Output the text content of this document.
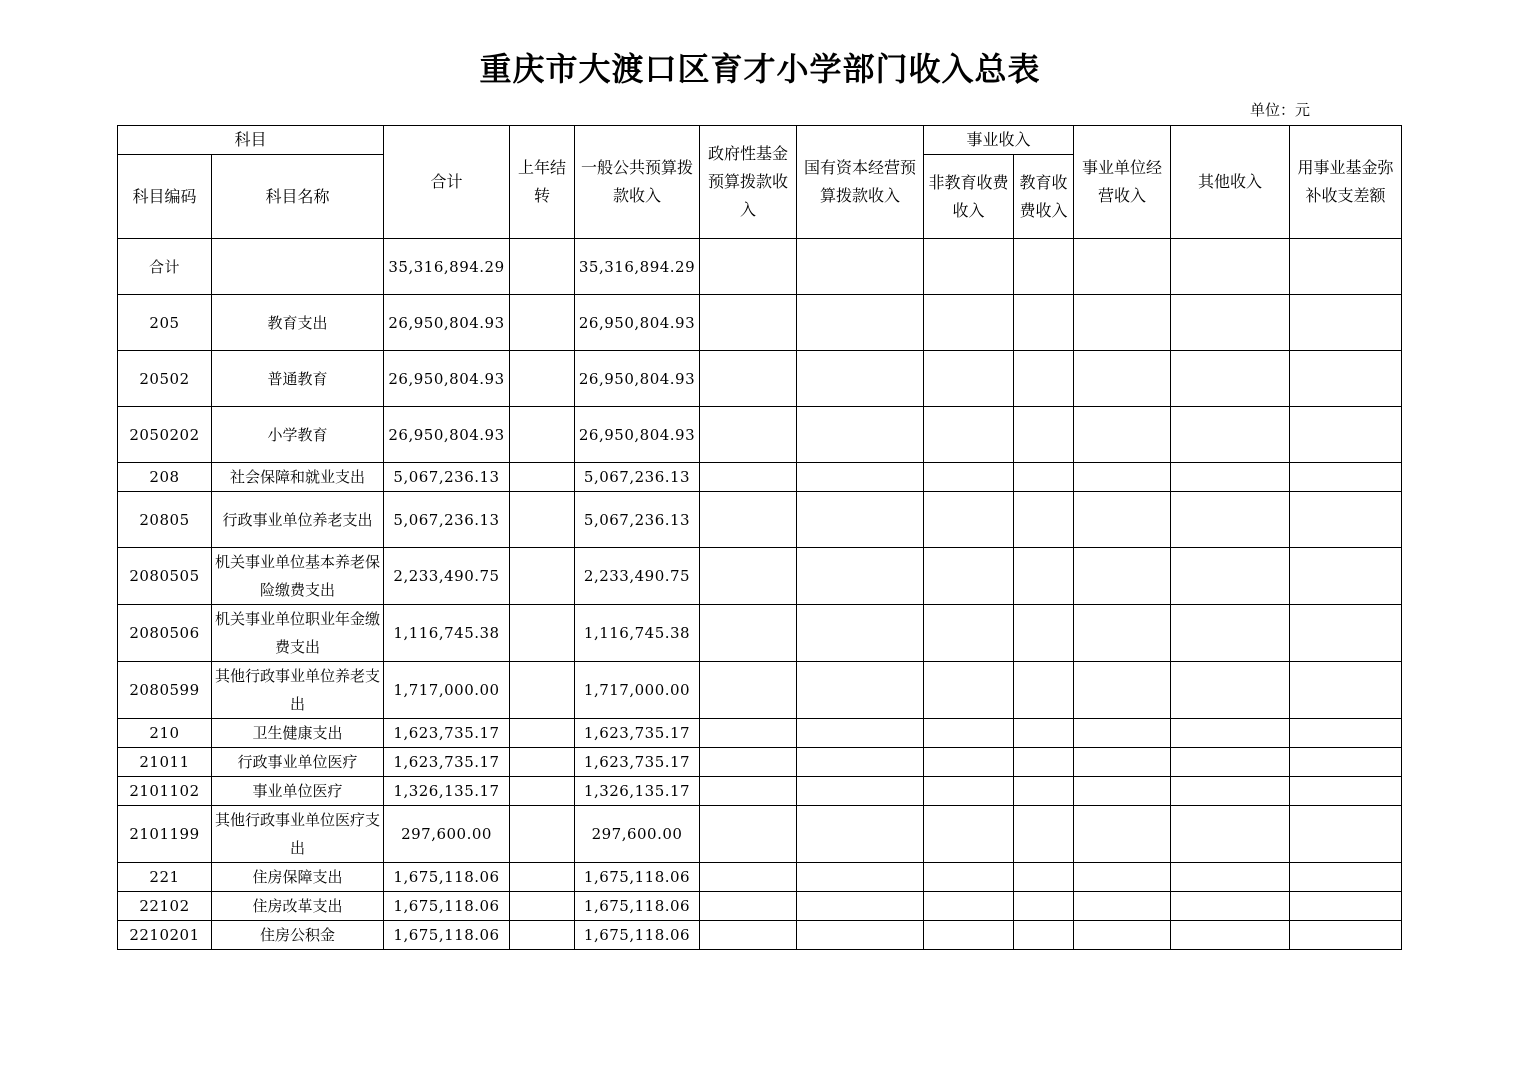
重庆市大渡口区育才小学部门收入总表
单位：元
科目		合计	上年结转	一般公共预算拨款收入	政府性基金预算拨款收入	国有资本经营预算拨款收入	事业收入		事业单位经营收入	其他收入	用事业基金弥补收支差额
科目编码	科目名称						非教育收费收入	教育收费收入			
合计		35,316,894.29		35,316,894.29							
205	教育支出	26,950,804.93		26,950,804.93							
20502	普通教育	26,950,804.93		26,950,804.93							
2050202	小学教育	26,950,804.93		26,950,804.93							
208	社会保障和就业支出	5,067,236.13		5,067,236.13							
20805	行政事业单位养老支出	5,067,236.13		5,067,236.13							
2080505	机关事业单位基本养老保险缴费支出	2,233,490.75		2,233,490.75							
2080506	机关事业单位职业年金缴费支出	1,116,745.38		1,116,745.38							
2080599	其他行政事业单位养老支出	1,717,000.00		1,717,000.00							
210	卫生健康支出	1,623,735.17		1,623,735.17							
21011	行政事业单位医疗	1,623,735.17		1,623,735.17							
2101102	事业单位医疗	1,326,135.17		1,326,135.17							
2101199	其他行政事业单位医疗支出	297,600.00		297,600.00							
221	住房保障支出	1,675,118.06		1,675,118.06							
22102	住房改革支出	1,675,118.06		1,675,118.06							
2210201	住房公积金	1,675,118.06		1,675,118.06							
